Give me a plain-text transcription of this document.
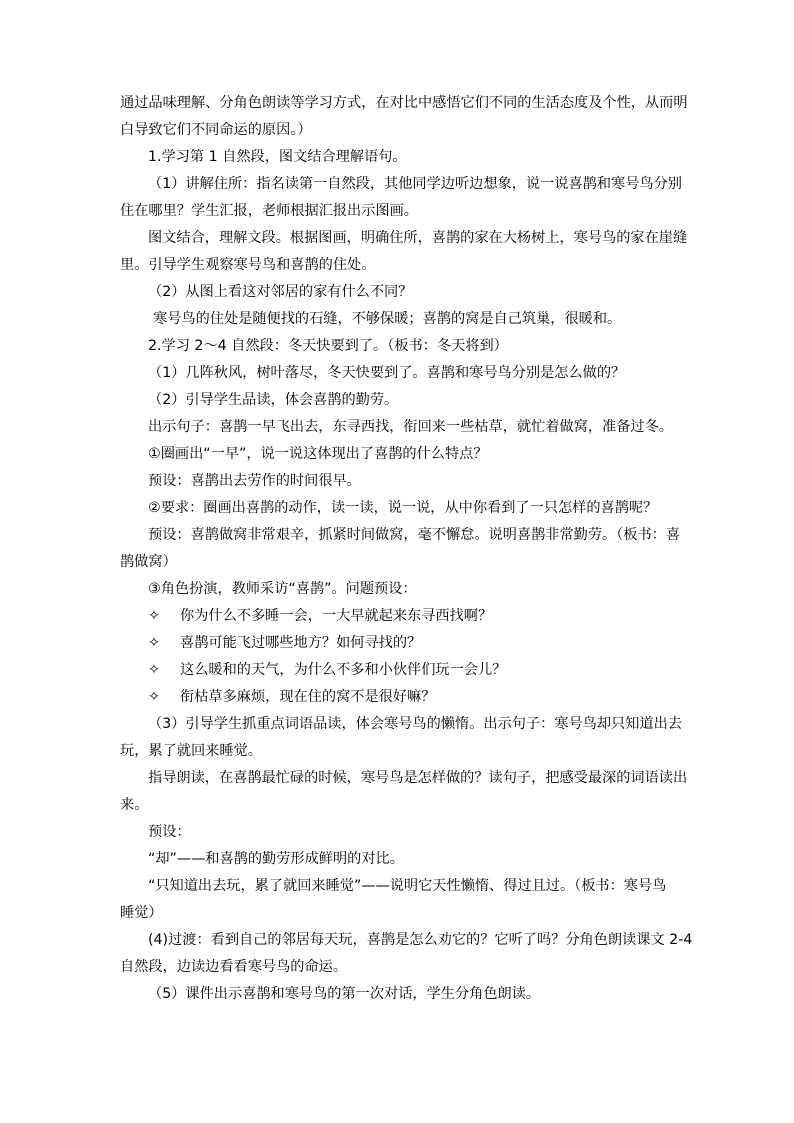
通过品味理解、分角色朗读等学习方式，在对比中感悟它们不同的生活态度及个性，从而明

白导致它们不同命运的原因。）

1.学习第 1 自然段，图文结合理解语句。

（1）讲解住所：指名读第一自然段，其他同学边听边想象，说一说喜鹊和寒号鸟分别

住在哪里？学生汇报，老师根据汇报出示图画。

图文结合，理解文段。根据图画，明确住所，喜鹊的家在大杨树上，寒号鸟的家在崖缝

里。引导学生观察寒号鸟和喜鹊的住处。

（2）从图上看这对邻居的家有什么不同？

寒号鸟的住处是随便找的石缝，不够保暖；喜鹊的窝是自己筑巢，很暖和。

2.学习 2～4 自然段：冬天快要到了。（板书：冬天将到）

（1）几阵秋风，树叶落尽，冬天快要到了。喜鹊和寒号鸟分别是怎么做的？

（2）引导学生品读，体会喜鹊的勤劳。

出示句子：喜鹊一早飞出去，东寻西找，衔回来一些枯草，就忙着做窝，准备过冬。

①圈画出“一早”，说一说这体现出了喜鹊的什么特点？

预设：喜鹊出去劳作的时间很早。

②要求：圈画出喜鹊的动作，读一读，说一说，从中你看到了一只怎样的喜鹊呢？

预设：喜鹊做窝非常艰辛，抓紧时间做窝，毫不懈怠。说明喜鹊非常勤劳。（板书：喜

鹊做窝）

③角色扮演，教师采访“喜鹊”。问题预设：

✧	你为什么不多睡一会，一大早就起来东寻西找啊？
✧	喜鹊可能飞过哪些地方？如何寻找的？
✧	这么暖和的天气，为什么不多和小伙伴们玩一会儿？
✧	衔枯草多麻烦，现在住的窝不是很好嘛？

（3）引导学生抓重点词语品读，体会寒号鸟的懒惰。出示句子：寒号鸟却只知道出去

玩，累了就回来睡觉。

指导朗读，在喜鹊最忙碌的时候，寒号鸟是怎样做的？读句子，把感受最深的词语读出

来。

预设：

“却”——和喜鹊的勤劳形成鲜明的对比。

“只知道出去玩，累了就回来睡觉”——说明它天性懒惰、得过且过。（板书：寒号鸟

睡觉）

(4)过渡：看到自己的邻居每天玩，喜鹊是怎么劝它的？它听了吗？分角色朗读课文 2-4

自然段，边读边看看寒号鸟的命运。

（5）课件出示喜鹊和寒号鸟的第一次对话，学生分角色朗读。
